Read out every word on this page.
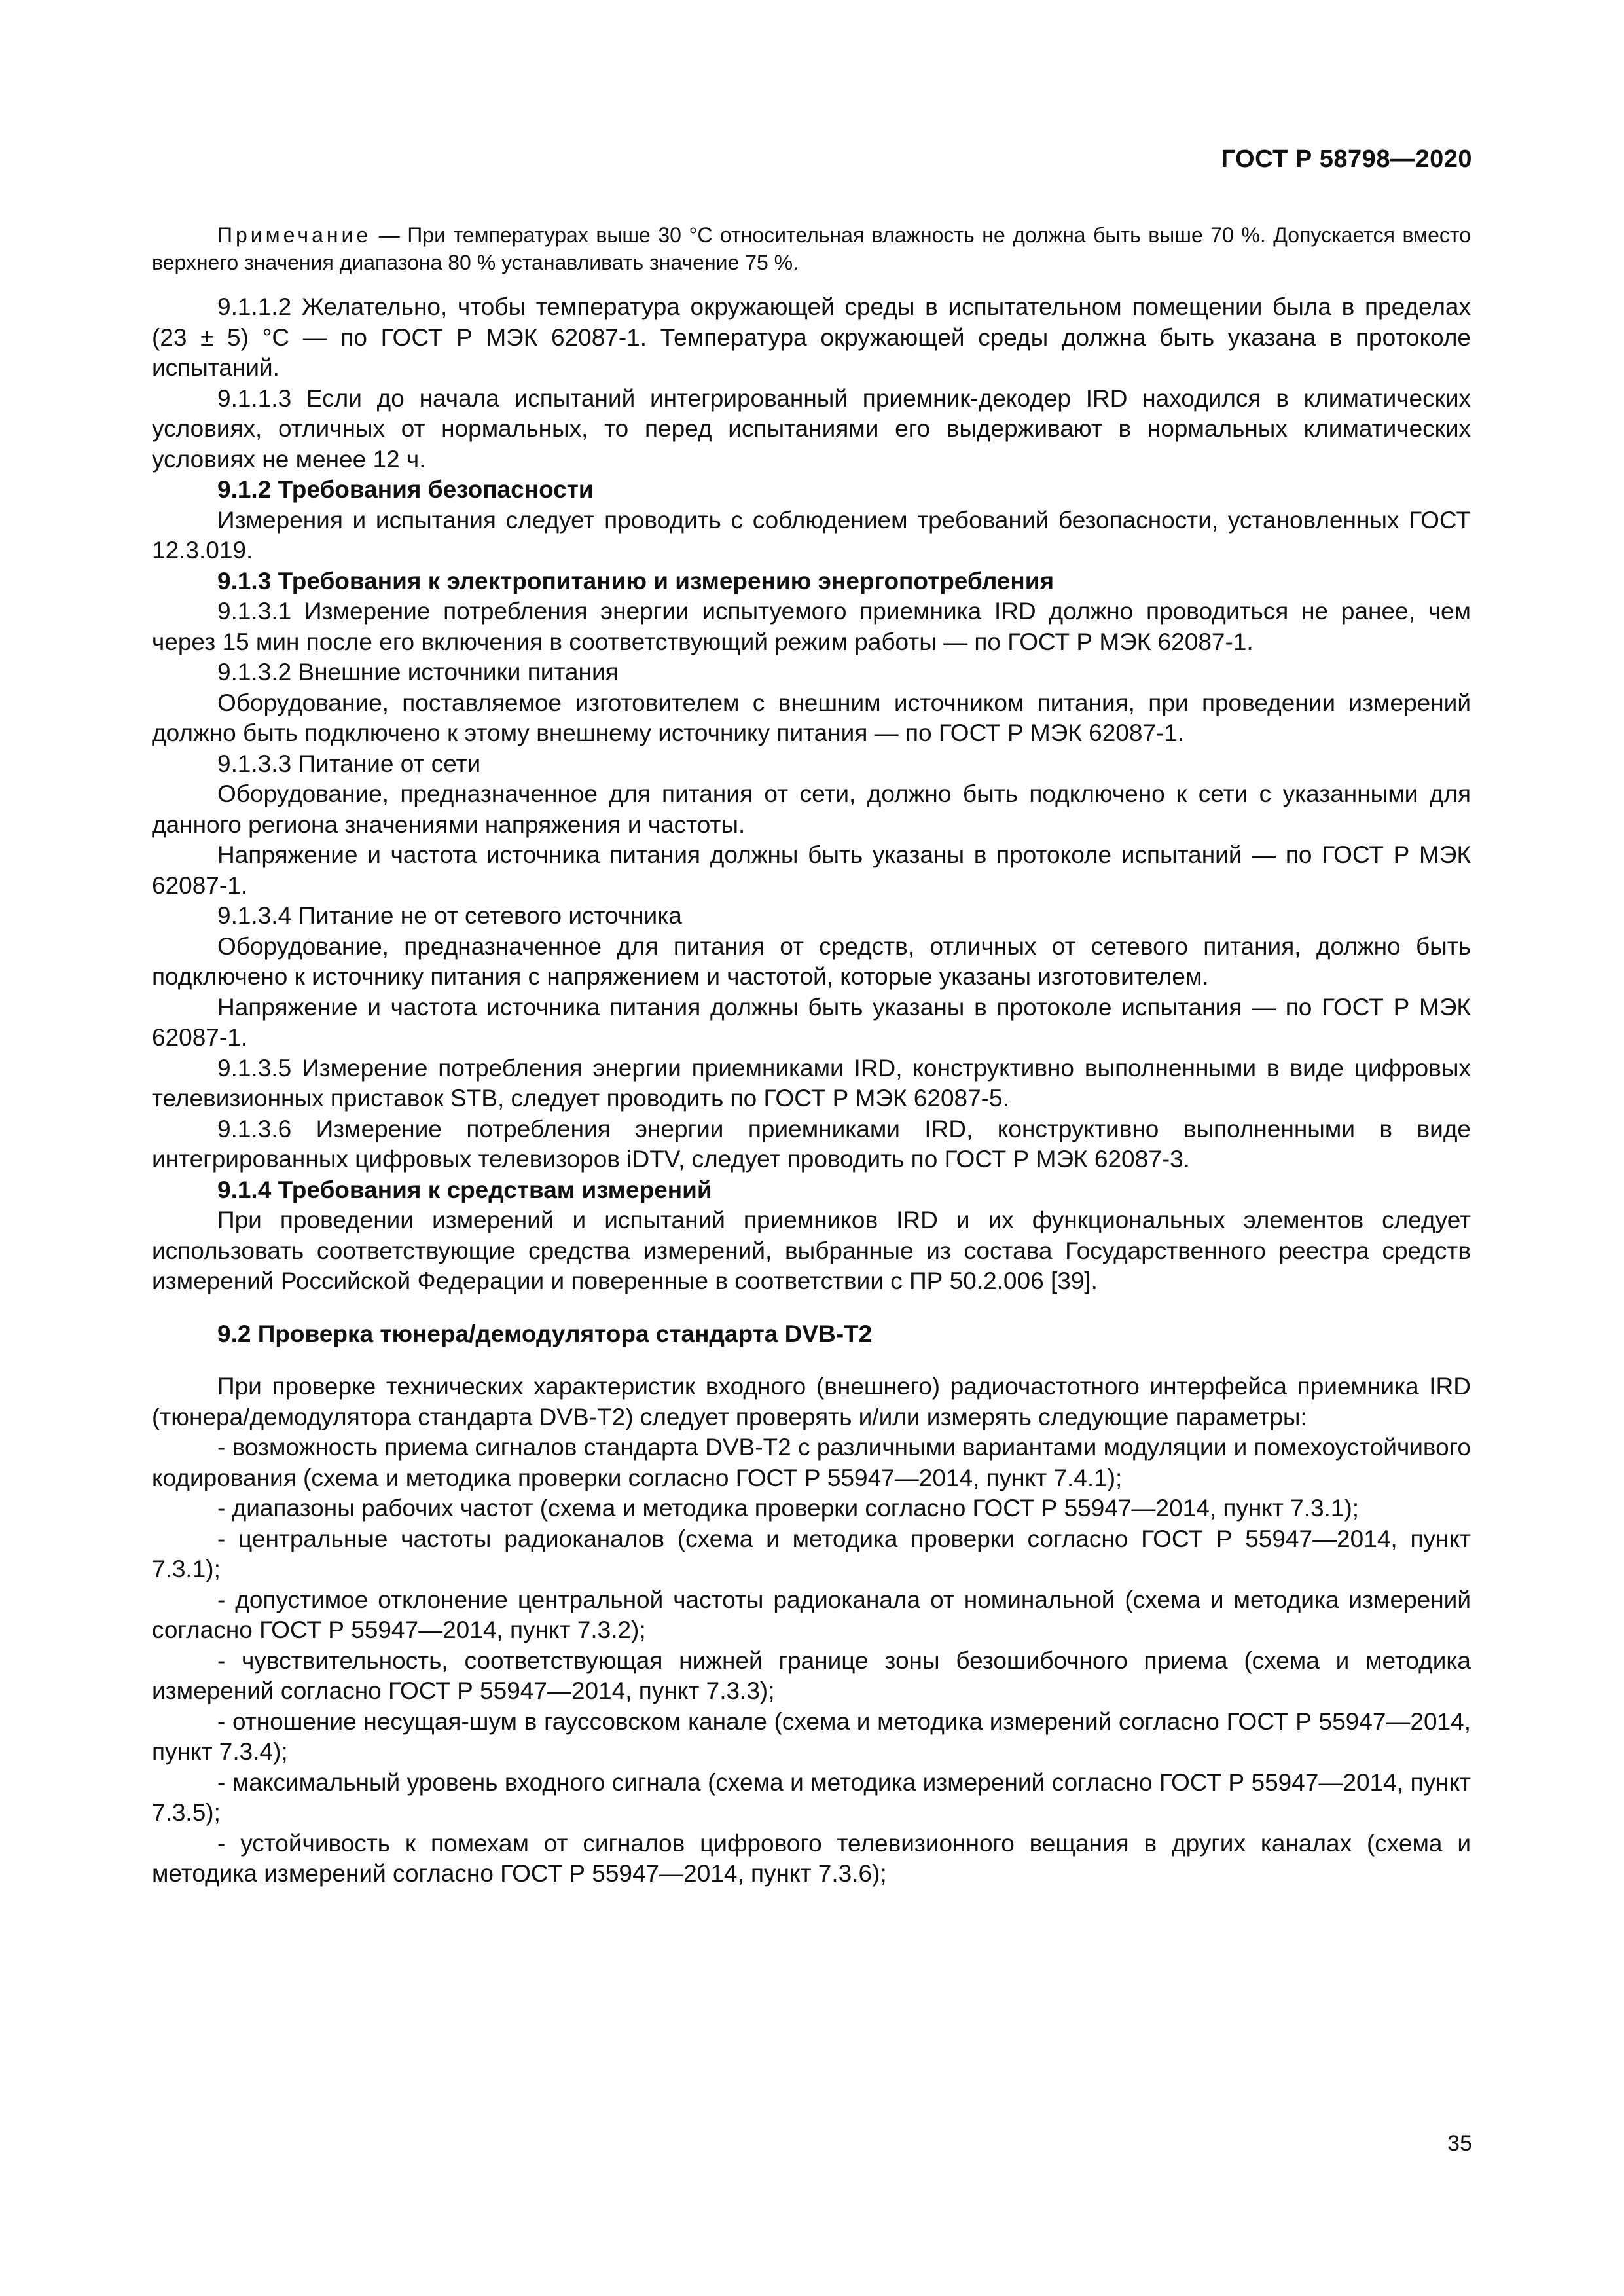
ГОСТ Р 58798—2020

Примечание — При температурах выше 30 °С относительная влажность не должна быть выше 70 %. Допускается вместо верхнего значения диапазона 80 % устанавливать значение 75 %.

9.1.1.2 Желательно, чтобы температура окружающей среды в испытательном помещении была в пределах (23 ± 5) °С — по ГОСТ Р МЭК 62087-1. Температура окружающей среды должна быть указана в протоколе испытаний.

9.1.1.3 Если до начала испытаний интегрированный приемник-декодер IRD находился в климатических условиях, отличных от нормальных, то перед испытаниями его выдерживают в нормальных климатических условиях не менее 12 ч.

9.1.2 Требования безопасности

Измерения и испытания следует проводить с соблюдением требований безопасности, установленных ГОСТ 12.3.019.

9.1.3 Требования к электропитанию и измерению энергопотребления

9.1.3.1 Измерение потребления энергии испытуемого приемника IRD должно проводиться не ранее, чем через 15 мин после его включения в соответствующий режим работы — по ГОСТ Р МЭК 62087-1.

9.1.3.2 Внешние источники питания

Оборудование, поставляемое изготовителем с внешним источником питания, при проведении измерений должно быть подключено к этому внешнему источнику питания — по ГОСТ Р МЭК 62087-1.

9.1.3.3 Питание от сети

Оборудование, предназначенное для питания от сети, должно быть подключено к сети с указанными для данного региона значениями напряжения и частоты.

Напряжение и частота источника питания должны быть указаны в протоколе испытаний — по ГОСТ Р МЭК 62087-1.

9.1.3.4 Питание не от сетевого источника

Оборудование, предназначенное для питания от средств, отличных от сетевого питания, должно быть подключено к источнику питания с напряжением и частотой, которые указаны изготовителем.

Напряжение и частота источника питания должны быть указаны в протоколе испытания — по ГОСТ Р МЭК 62087-1.

9.1.3.5 Измерение потребления энергии приемниками IRD, конструктивно выполненными в виде цифровых телевизионных приставок STB, следует проводить по ГОСТ Р МЭК 62087-5.

9.1.3.6 Измерение потребления энергии приемниками IRD, конструктивно выполненными в виде интегрированных цифровых телевизоров iDTV, следует проводить по ГОСТ Р МЭК 62087-3.

9.1.4 Требования к средствам измерений

При проведении измерений и испытаний приемников IRD и их функциональных элементов следует использовать соответствующие средства измерений, выбранные из состава Государственного реестра средств измерений Российской Федерации и поверенные в соответствии с ПР 50.2.006 [39].

9.2 Проверка тюнера/демодулятора стандарта DVB-T2

При проверке технических характеристик входного (внешнего) радиочастотного интерфейса приемника IRD (тюнера/демодулятора стандарта DVB-T2) следует проверять и/или измерять следующие параметры:

- возможность приема сигналов стандарта DVB-T2 с различными вариантами модуляции и помехоустойчивого кодирования (схема и методика проверки согласно ГОСТ Р 55947—2014, пункт 7.4.1);

- диапазоны рабочих частот (схема и методика проверки согласно ГОСТ Р 55947—2014, пункт 7.3.1);

- центральные частоты радиоканалов (схема и методика проверки согласно ГОСТ Р 55947—2014, пункт 7.3.1);

- допустимое отклонение центральной частоты радиоканала от номинальной (схема и методика измерений согласно ГОСТ Р 55947—2014, пункт 7.3.2);

- чувствительность, соответствующая нижней границе зоны безошибочного приема (схема и методика измерений согласно ГОСТ Р 55947—2014, пункт 7.3.3);

- отношение несущая-шум в гауссовском канале (схема и методика измерений согласно ГОСТ Р 55947—2014, пункт 7.3.4);

- максимальный уровень входного сигнала (схема и методика измерений согласно ГОСТ Р 55947—2014, пункт 7.3.5);

- устойчивость к помехам от сигналов цифрового телевизионного вещания в других каналах (схема и методика измерений согласно ГОСТ Р 55947—2014, пункт 7.3.6);

35
